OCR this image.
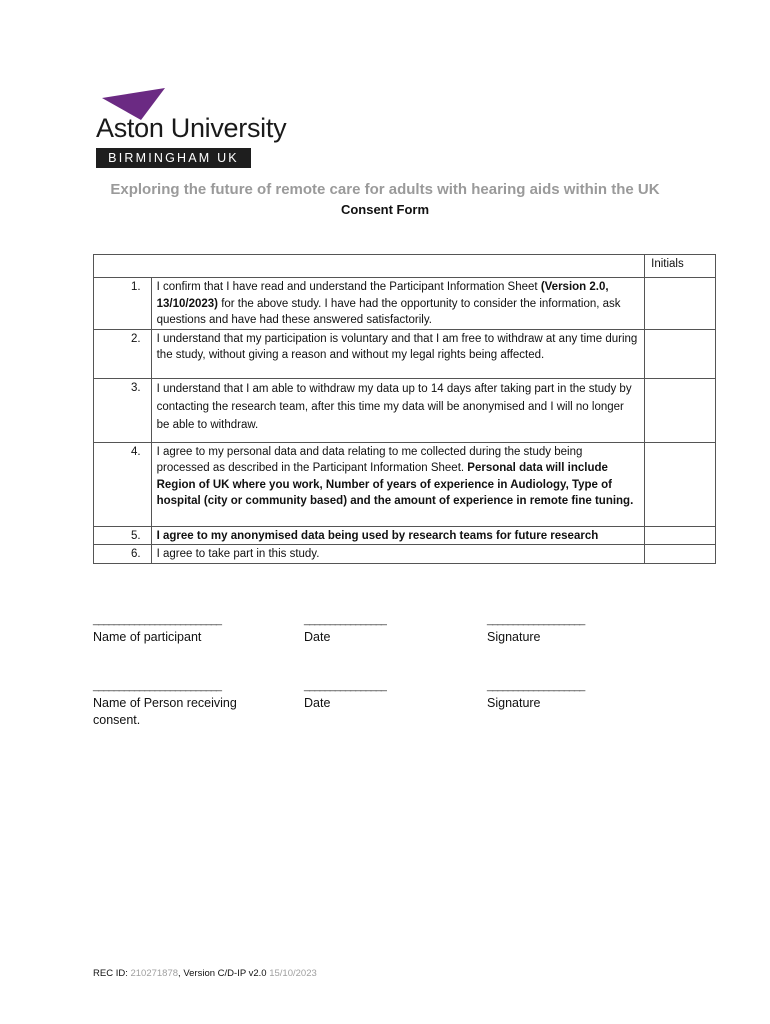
Aston University
BIRMINGHAM UK
Exploring the future of remote care for adults with hearing aids within the UK
Consent Form
		Initials
1.	I confirm that I have read and understand the Participant Information Sheet (Version 2.0, 13/10/2023) for the above study. I have had the opportunity to consider the information, ask questions and have had these answered satisfactorily.	
2.	I understand that my participation is voluntary and that I am free to withdraw at any time during the study, without giving a reason and without my legal rights being affected.	
3.	I understand that I am able to withdraw my data up to 14 days after taking part in the study by contacting the research team, after this time my data will be anonymised and I will no longer be able to withdraw.	
4.	I agree to my personal data and data relating to me collected during the study being processed as described in the Participant Information Sheet. Personal data will include Region of UK where you work, Number of years of experience in Audiology, Type of hospital (city or community based) and the amount of experience in remote fine tuning.	
5.	I agree to my anonymised data being used by research teams for future research	
6.	I agree to take part in this study.	
_________________________	________________	___________________
Name of participant	Date	Signature
_________________________	________________	___________________
Name of Person receiving consent.
Date	Signature
REC ID: 210271878, Version C/D-IP v2.0 15/10/2023
